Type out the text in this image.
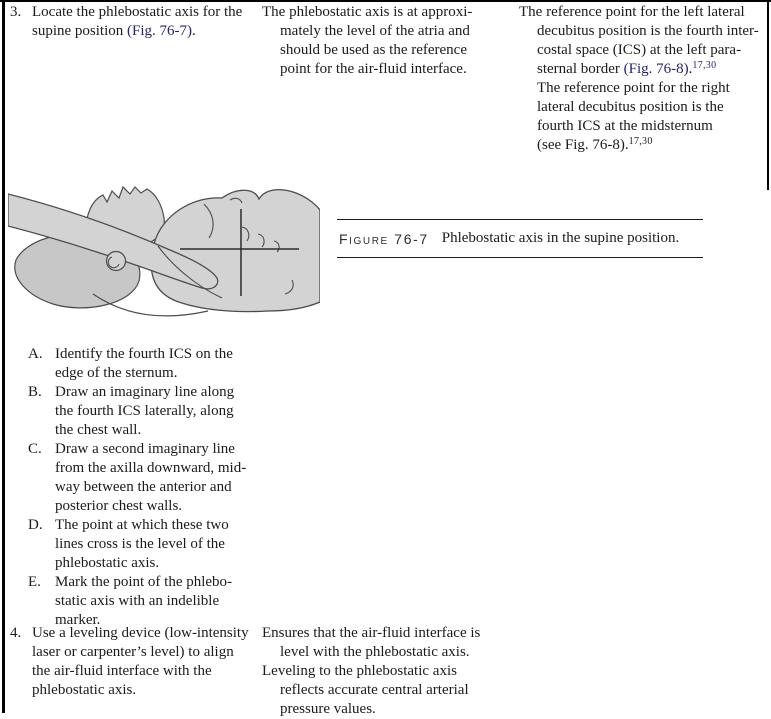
3. Locate the phlebostatic axis for the
supine position (Fig. 76-7).
The phlebostatic axis is at approxi-
mately the level of the atria and
should be used as the reference
point for the air-fluid interface.
The reference point for the left lateral
decubitus position is the fourth inter-
costal space (ICS) at the left para-
sternal border (Fig. 76-8).$^{17,30}$
The reference point for the right
lateral decubitus position is the
fourth ICS at the midsternum
(see Fig. 76-8).$^{17,30}$
Figure 76-7 Phlebostatic axis in the supine position.
A. Identify the fourth ICS on the
edge of the sternum.
B. Draw an imaginary line along
the fourth ICS laterally, along
the chest wall.
C. Draw a second imaginary line
from the axilla downward, mid-
way between the anterior and
posterior chest walls.
D. The point at which these two
lines cross is the level of the
phlebostatic axis.
E. Mark the point of the phlebo-
static axis with an indelible
marker.
4. Use a leveling device (low-intensity
laser or carpenter’s level) to align
the air-fluid interface with the
phlebostatic axis.
Ensures that the air-fluid interface is
level with the phlebostatic axis.
Leveling to the phlebostatic axis
reflects accurate central arterial
pressure values.
